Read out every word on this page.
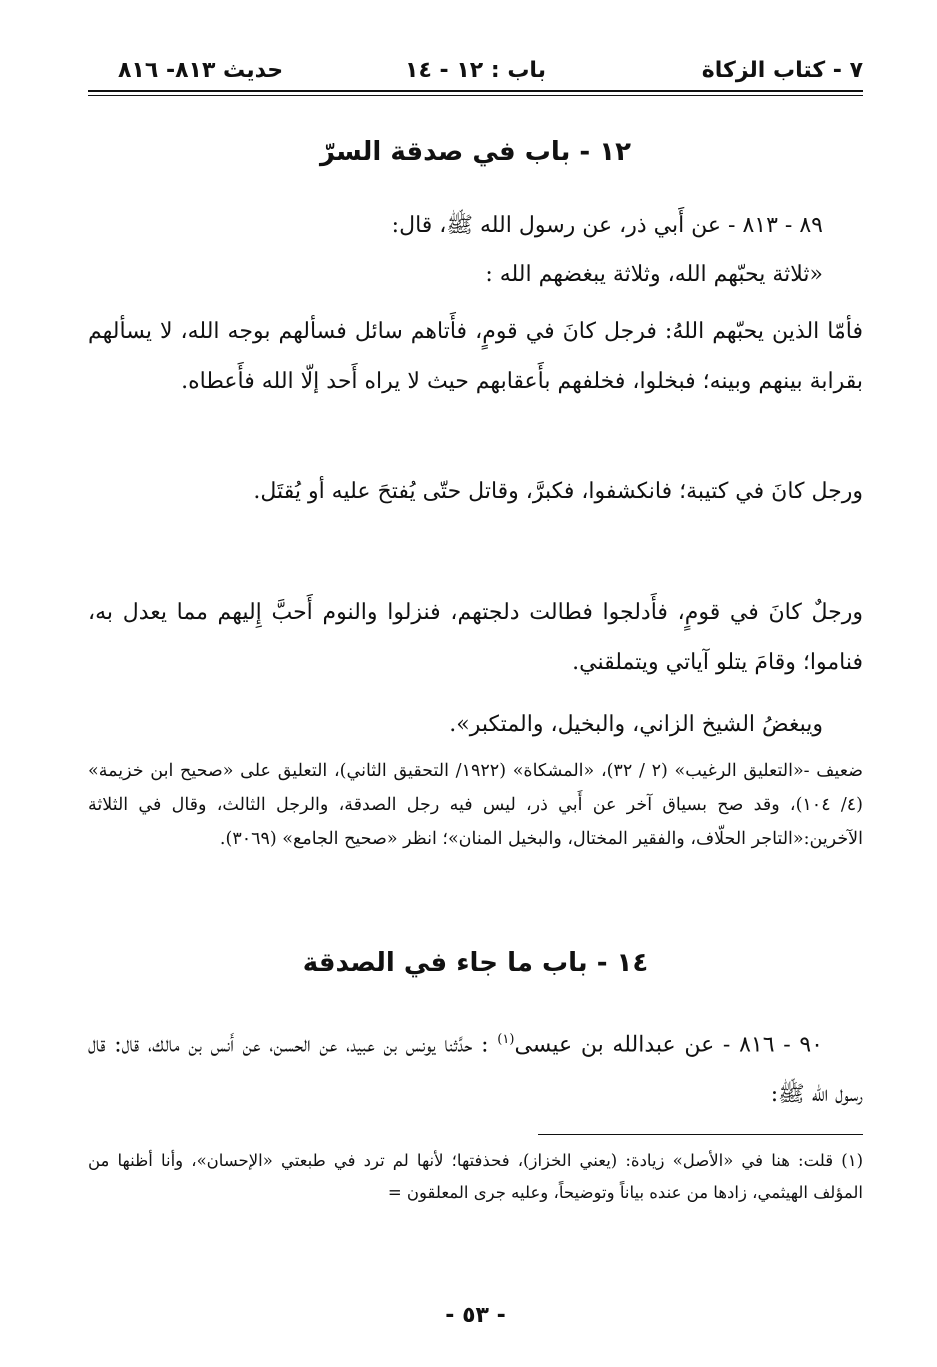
٧ - كتاب الزكاة
باب : ١٢ - ١٤
حديث ٨١٣- ٨١٦
١٢ - باب في صدقة السرّ

٨٩ - ٨١٣ - عن أَبي ذر، عن رسول الله ﷺ، قال:

«ثلاثة يحبّهم الله، وثلاثة يبغضهم الله :

فأمّا الذين يحبّهم اللهُ: فرجل كانَ في قومٍ، فأَتاهم سائل فسألهم بوجه الله، لا يسألهم بقرابة بينهم وبينه؛ فبخلوا، فخلفهم بأَعقابهم حيث لا يراه أَحد إلّا الله فأَعطاه.

ورجل كانَ في كتيبة؛ فانكشفوا، فكبرَّ، وقاتل حتّى يُفتحَ عليه أو يُقتَل.

ورجلٌ كانَ في قومٍ، فأَدلجوا فطالت دلجتهم، فنزلوا والنوم أَحبَّ إِليهم مما يعدل به، فناموا؛ وقامَ يتلو آياتي ويتملقني.

ويبغضُ الشيخ الزاني، والبخيل، والمتكبر».

ضعيف -«التعليق الرغيب» (٢ / ٣٢)، «المشكاة» (١٩٢٢/ التحقيق الثاني)، التعليق على «صحيح ابن خزيمة» (٤/ ١٠٤)، وقد صح بسياق آخر عن أَبي ذر، ليس فيه رجل الصدقة، والرجل الثالث، وقال في الثلاثة الآخرين:«التاجر الحلّاف، والفقير المختال، والبخيل المنان»؛ انظر «صحيح الجامع» (٣٠٦٩).

١٤ - باب ما جاء في الصدقة

٩٠ - ٨١٦ - عن عبدالله بن عيسى$^{(١)}$ : حدَّثنا يونس بن عبيد، عن الحسن، عن أَنس بن مالك، قال: قال رسول الله ﷺ:

(١) قلت: هنا في «الأصل» زيادة: (يعني الخزاز)، فحذفتها؛ لأنها لم ترد في طبعتي «الإحسان»، وأنا أظنها من المؤلف الهيثمي، زادها من عنده بياناً وتوضيحاً، وعليه جرى المعلقون =

- ٥٣ -
